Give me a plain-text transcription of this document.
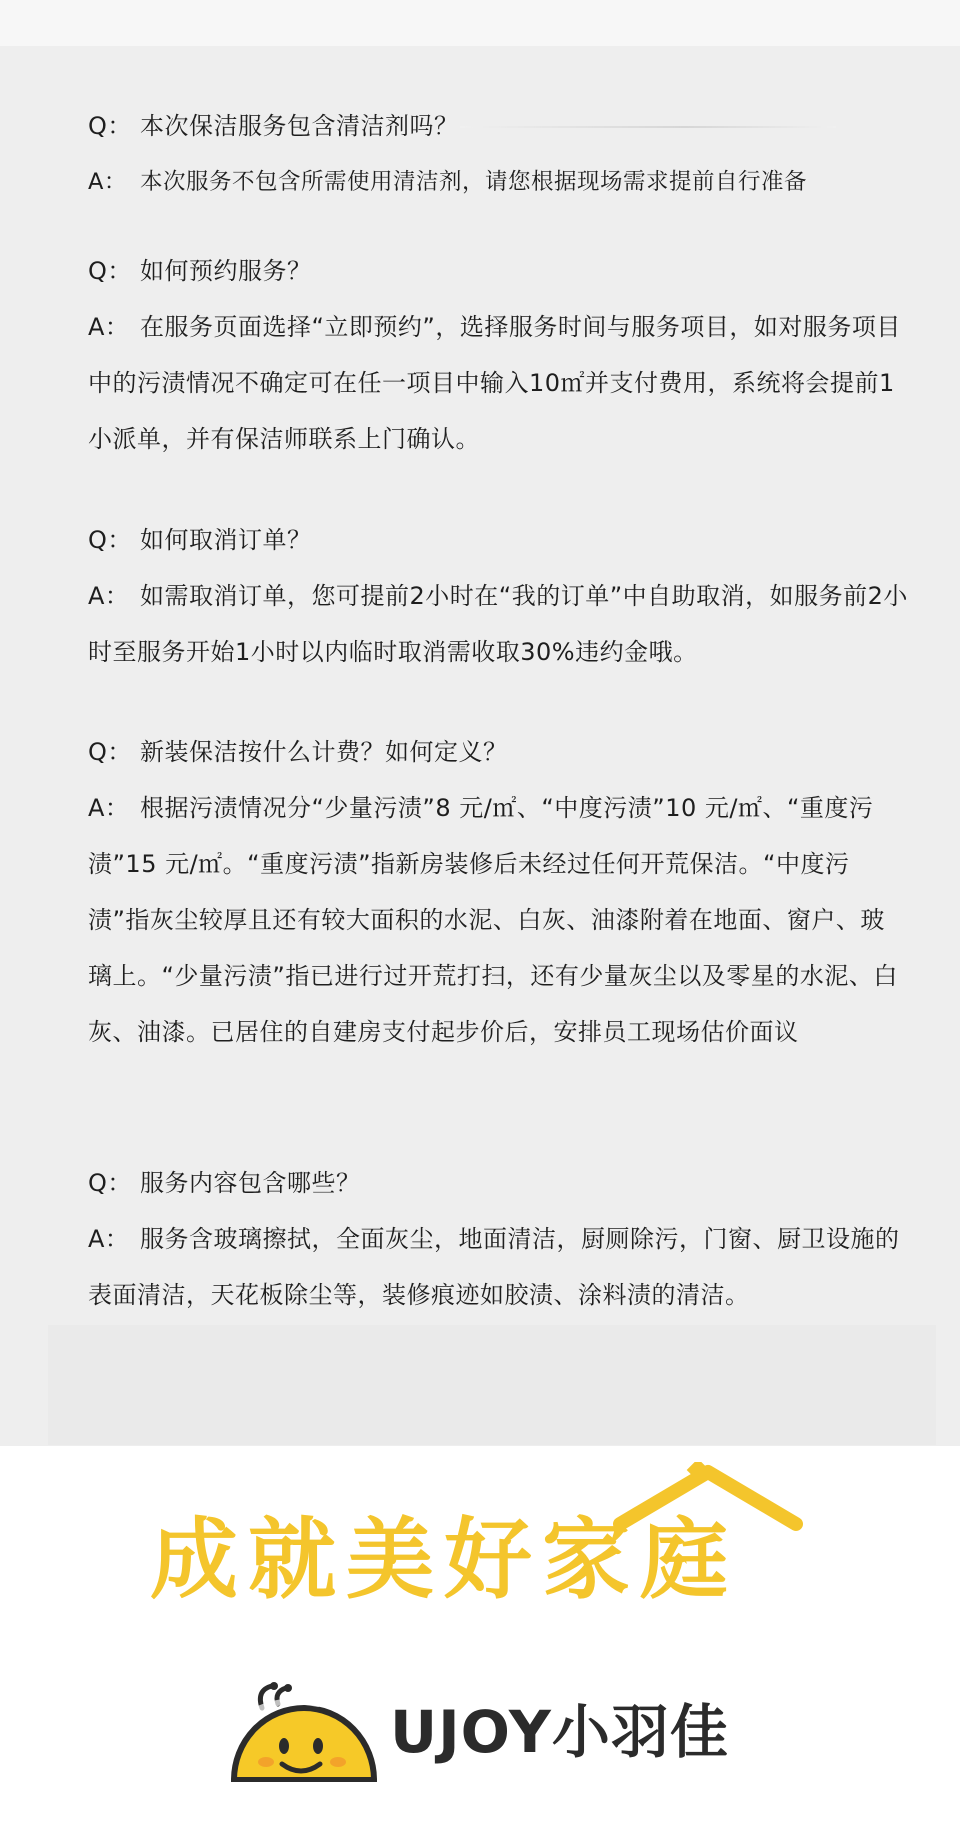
Q： 本次保洁服务包含清洁剂吗？

A： 本次服务不包含所需使用清洁剂，请您根据现场需求提前自行准备

Q： 如何预约服务？

A： 在服务页面选择“立即预约”，选择服务时间与服务项目，如对服务项目中的污渍情况不确定可在任一项目中输入10㎡并支付费用，系统将会提前1小派单，并有保洁师联系上门确认。

Q： 如何取消订单？

A： 如需取消订单，您可提前2小时在“我的订单”中自助取消，如服务前2小时至服务开始1小时以内临时取消需收取30%违约金哦。

Q： 新装保洁按什么计费？如何定义？

A： 根据污渍情况分“少量污渍”8 元/㎡、“中度污渍”10 元/㎡、“重度污渍”15 元/㎡。“重度污渍”指新房装修后未经过任何开荒保洁。“中度污渍”指灰尘较厚且还有较大面积的水泥、白灰、油漆附着在地面、窗户、玻璃上。“少量污渍”指已进行过开荒打扫，还有少量灰尘以及零星的水泥、白灰、油漆。已居住的自建房支付起步价后，安排员工现场估价面议

Q： 服务内容包含哪些？

A： 服务含玻璃擦拭，全面灰尘，地面清洁，厨厕除污，门窗、厨卫设施的表面清洁，天花板除尘等，装修痕迹如胶渍、涂料渍的清洁。

成就美好家庭
UJOY小羽佳
